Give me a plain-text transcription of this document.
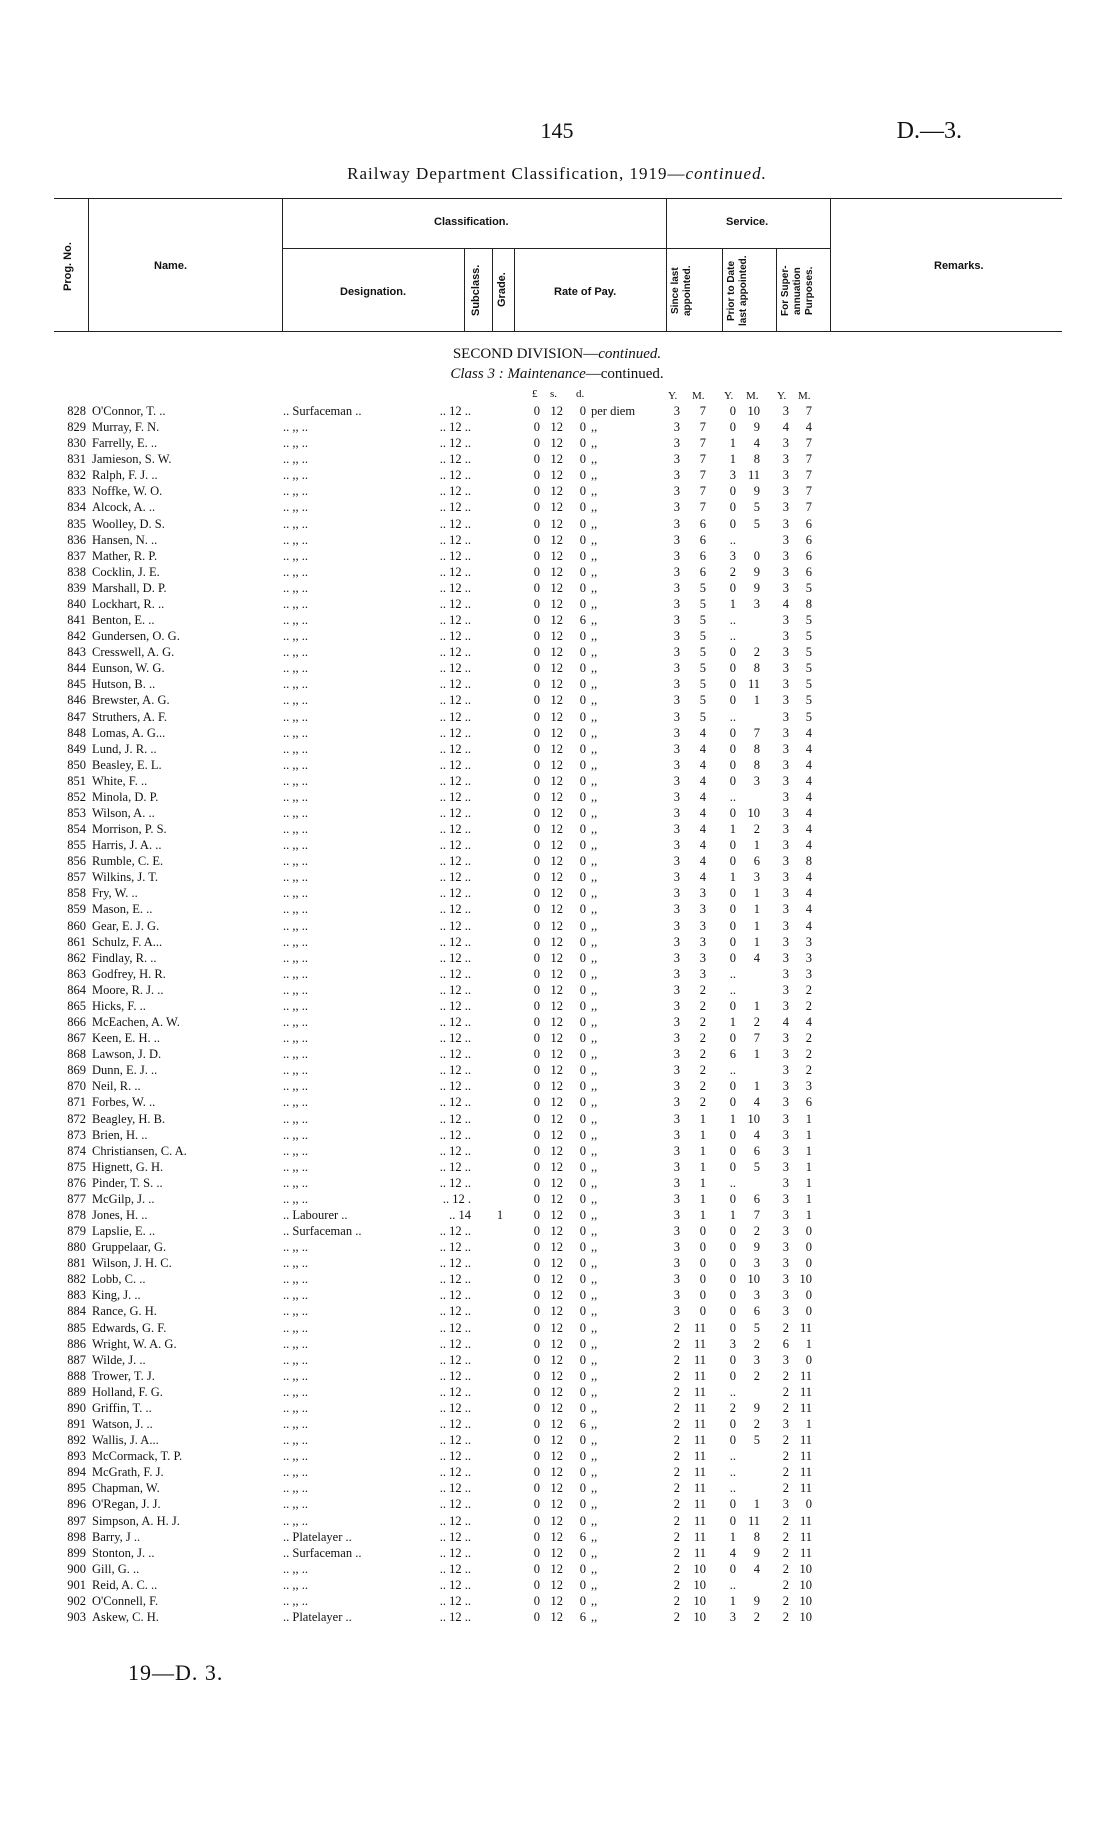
145	D.—3.
Railway Department Classification, 1919—continued.
Prog. No.	Name.
Classification.	Service.
Remarks.
Designation.	Subclass. Grade.	Rate of Pay.	Since last appointed.	Prior to Date last appointed.	For Super-annuation Purposes.
SECOND DIVISION—continued.
Class 3 : Maintenance—continued.
£ s. d.	Y. M. Y. M. Y. M.
828 O'Connor, T. ..	.. Surfaceman ..	.. 12 ..	0 12	0 per diem	3	7	0 10	3	7
829 Murray, F. N.	.. ,, ..	.. 12 ..	0 12	0 ,,	3	7	0	9	4	4
830 Farrelly, E. ..	.. ,, ..	.. 12 ..	0 12	0 ,,	3	7	1	4	3	7
831 Jamieson, S. W.	.. ,, ..	.. 12 ..	0 12	0 ,,	3	7	1	8	3	7
832 Ralph, F. J. ..	.. ,, ..	.. 12 ..	0 12	0 ,,	3	7	3 11	3	7
833 Noffke, W. O.	.. ,, ..	.. 12 ..	0 12	0 ,,	3	7	0	9	3	7
834 Alcock, A. ..	.. ,, ..	.. 12 ..	0 12	0 ,,	3	7	0	5	3	7
835 Woolley, D. S.	.. ,, ..	.. 12 ..	0 12	0 ,,	3	6	0	5	3	6
836 Hansen, N. ..	.. ,, ..	.. 12 ..	0 12	0 ,,	3	6	..	3	6
837 Mather, R. P.	.. ,, ..	.. 12 ..	0 12	0 ,,	3	6	3	0	3	6
838 Cocklin, J. E.	.. ,, ..	.. 12 ..	0 12	0 ,,	3	6	2	9	3	6
839 Marshall, D. P.	.. ,, ..	.. 12 ..	0 12	0 ,,	3	5	0	9	3	5
840 Lockhart, R. ..	.. ,, ..	.. 12 ..	0 12	0 ,,	3	5	1	3	4	8
841 Benton, E. ..	.. ,, ..	.. 12 ..	0 12	6 ,,	3	5	..	3	5
842 Gundersen, O. G.	.. ,, ..	.. 12 ..	0 12	0 ,,	3	5	..	3	5
843 Cresswell, A. G.	.. ,, ..	.. 12 ..	0 12	0 ,,	3	5	0	2	3	5
844 Eunson, W. G.	.. ,, ..	.. 12 ..	0 12	0 ,,	3	5	0	8	3	5
845 Hutson, B. ..	.. ,, ..	.. 12 ..	0 12	0 ,,	3	5	0 11	3	5
846 Brewster, A. G.	.. ,, ..	.. 12 ..	0 12	0 ,,	3	5	0	1	3	5
847 Struthers, A. F.	.. ,, ..	.. 12 ..	0 12	0 ,,	3	5	..	3	5
848 Lomas, A. G...	.. ,, ..	.. 12 ..	0 12	0 ,,	3	4	0	7	3	4
849 Lund, J. R. ..	.. ,, ..	.. 12 ..	0 12	0 ,,	3	4	0	8	3	4
850 Beasley, E. L.	.. ,, ..	.. 12 ..	0 12	0 ,,	3	4	0	8	3	4
851 White, F. ..	.. ,, ..	.. 12 ..	0 12	0 ,,	3	4	0	3	3	4
852 Minola, D. P.	.. ,, ..	.. 12 ..	0 12	0 ,,	3	4	..	3	4
853 Wilson, A. ..	.. ,, ..	.. 12 ..	0 12	0 ,,	3	4	0 10	3	4
854 Morrison, P. S.	.. ,, ..	.. 12 ..	0 12	0 ,,	3	4	1	2	3	4
855 Harris, J. A. ..	.. ,, ..	.. 12 ..	0 12	0 ,,	3	4	0	1	3	4
856 Rumble, C. E.	.. ,, ..	.. 12 ..	0 12	0 ,,	3	4	0	6	3	8
857 Wilkins, J. T.	.. ,, ..	.. 12 ..	0 12	0 ,,	3	4	1	3	3	4
858 Fry, W. ..	.. ,, ..	.. 12 ..	0 12	0 ,,	3	3	0	1	3	4
859 Mason, E. ..	.. ,, ..	.. 12 ..	0 12	0 ,,	3	3	0	1	3	4
860 Gear, E. J. G.	.. ,, ..	.. 12 ..	0 12	0 ,,	3	3	0	1	3	4
861 Schulz, F. A...	.. ,, ..	.. 12 ..	0 12	0 ,,	3	3	0	1	3	3
862 Findlay, R. ..	.. ,, ..	.. 12 ..	0 12	0 ,,	3	3	0	4	3	3
863 Godfrey, H. R.	.. ,, ..	.. 12 ..	0 12	0 ,,	3	3	..	3	3
864 Moore, R. J. ..	.. ,, ..	.. 12 ..	0 12	0 ,,	3	2	..	3	2
865 Hicks, F. ..	.. ,, ..	.. 12 ..	0 12	0 ,,	3	2	0	1	3	2
866 McEachen, A. W.	.. ,, ..	.. 12 ..	0 12	0 ,,	3	2	1	2	4	4
867 Keen, E. H. ..	.. ,, ..	.. 12 ..	0 12	0 ,,	3	2	0	7	3	2
868 Lawson, J. D.	.. ,, ..	.. 12 ..	0 12	0 ,,	3	2	6	1	3	2
869 Dunn, E. J. ..	.. ,, ..	.. 12 ..	0 12	0 ,,	3	2	..	3	2
870 Neil, R. ..	.. ,, ..	.. 12 ..	0 12	0 ,,	3	2	0	1	3	3
871 Forbes, W. ..	.. ,, ..	.. 12 ..	0 12	0 ,,	3	2	0	4	3	6
872 Beagley, H. B.	.. ,, ..	.. 12 ..	0 12	0 ,,	3	1	1 10	3	1
873 Brien, H. ..	.. ,, ..	.. 12 ..	0 12	0 ,,	3	1	0	4	3	1
874 Christiansen, C. A.	.. ,, ..	.. 12 ..	0 12	0 ,,	3	1	0	6	3	1
875 Hignett, G. H.	.. ,, ..	.. 12 ..	0 12	0 ,,	3	1	0	5	3	1
876 Pinder, T. S. ..	.. ,, ..	.. 12 ..	0 12	0 ,,	3	1	..	3	1
877 McGilp, J. ..	.. ,, ..	.. 12 .	0 12	0 ,,	3	1	0	6	3	1
878 Jones, H. ..	.. Labourer ..	.. 14	1	0 12	0 ,,	3	1	1	7	3	1
879 Lapslie, E. ..	.. Surfaceman ..	.. 12 ..	0 12	0 ,,	3	0	0	2	3	0
880 Gruppelaar, G.	.. ,, ..	.. 12 ..	0 12	0 ,,	3	0	0	9	3	0
881 Wilson, J. H. C.	.. ,, ..	.. 12 ..	0 12	0 ,,	3	0	0	3	3	0
882 Lobb, C. ..	.. ,, ..	.. 12 ..	0 12	0 ,,	3	0	0 10	3 10
883 King, J. ..	.. ,, ..	.. 12 ..	0 12	0 ,,	3	0	0	3	3	0
884 Rance, G. H.	.. ,, ..	.. 12 ..	0 12	0 ,,	3	0	0	6	3	0
885 Edwards, G. F.	.. ,, ..	.. 12 ..	0 12	0 ,,	2	11	0	5	2 11
886 Wright, W. A. G.	.. ,, ..	.. 12 ..	0 12	0 ,,	2	11	3	2	6	1
887 Wilde, J. ..	.. ,, ..	.. 12 ..	0 12	0 ,,	2	11	0	3	3	0
888 Trower, T. J.	.. ,, ..	.. 12 ..	0 12	0 ,,	2	11	0	2	2 11
889 Holland, F. G.	.. ,, ..	.. 12 ..	0 12	0 ,,	2	11	..	2 11
890 Griffin, T. ..	.. ,, ..	.. 12 ..	0 12	0 ,,	2	11	2	9	2 11
891 Watson, J. ..	.. ,, ..	.. 12 ..	0 12	6 ,,	2	11	0	2	3	1
892 Wallis, J. A...	.. ,, ..	.. 12 ..	0 12	0 ,,	2	11	0	5	2 11
893 McCormack, T. P.	.. ,, ..	.. 12 ..	0 12	0 ,,	2	11	..	2 11
894 McGrath, F. J.	.. ,, ..	.. 12 ..	0 12	0 ,,	2	11	..	2 11
895 Chapman, W.	.. ,, ..	.. 12 ..	0 12	0 ,,	2	11	..	2 11
896 O'Regan, J. J.	.. ,, ..	.. 12 ..	0 12	0 ,,	2	11	0	1	3	0
897 Simpson, A. H. J.	.. ,, ..	.. 12 ..	0 12	0 ,,	2	11	0 11	2 11
898 Barry, J ..	.. Platelayer ..	.. 12 ..	0 12	6 ,,	2	11	1	8	2 11
899 Stonton, J. ..	.. Surfaceman ..	.. 12 ..	0 12	0 ,,	2	11	4	9	2 11
900 Gill, G. ..	.. ,, ..	.. 12 ..	0 12	0 ,,	2	10	0	4	2 10
901 Reid, A. C. ..	.. ,, ..	.. 12 ..	0 12	0 ,,	2	10	..	2 10
902 O'Connell, F.	.. ,, ..	.. 12 ..	0 12	0 ,,	2	10	1	9	2 10
903 Askew, C. H.	.. Platelayer ..	.. 12 ..	0 12	6 ,,	2	10	3	2	2 10
19—D. 3.
